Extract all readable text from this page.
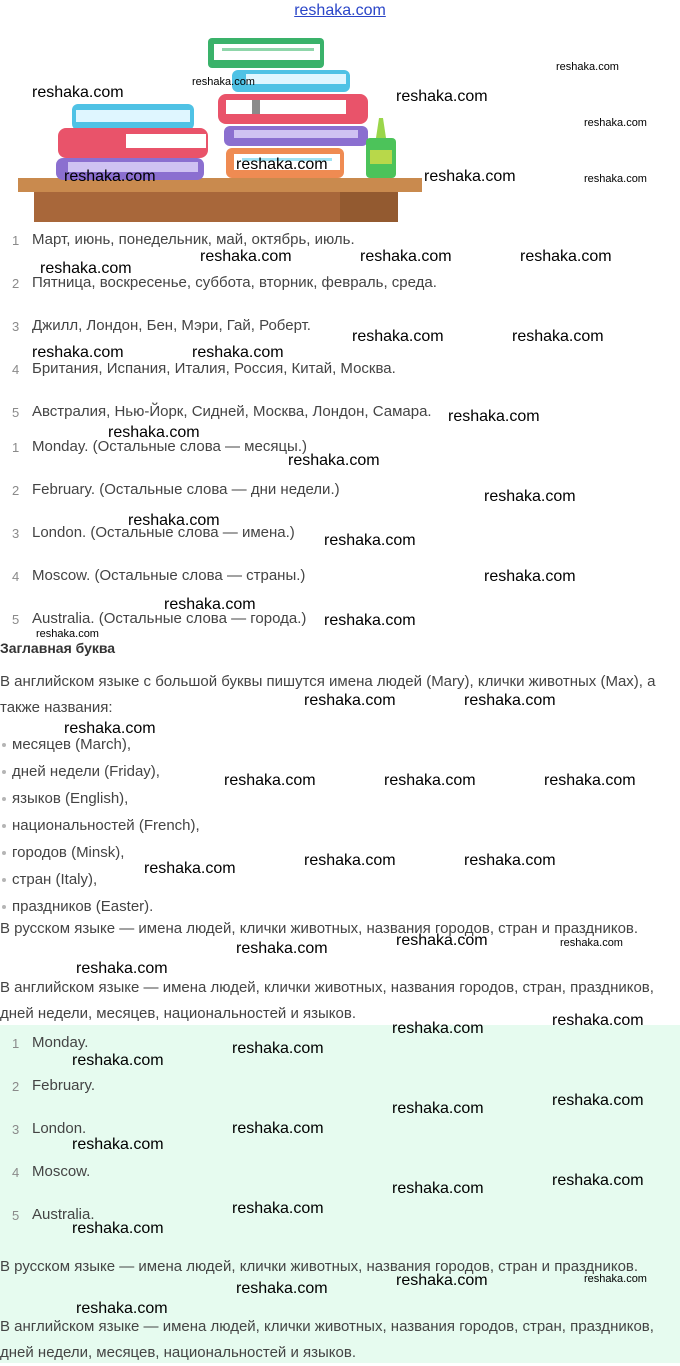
reshaka.com
1 Март, июнь, понедельник, май, октябрь, июль.
2 Пятница, воскресенье, суббота, вторник, февраль, среда.
3 Джилл, Лондон, Бен, Мэри, Гай, Роберт.
4 Британия, Испания, Италия, Россия, Китай, Москва.
5 Австралия, Нью-Йорк, Сидней, Москва, Лондон, Самара.
1 Monday. (Остальные слова — месяцы.)
2 February. (Остальные слова — дни недели.)
3 London. (Остальные слова — имена.)
4 Moscow. (Остальные слова — страны.)
5 Australia. (Остальные слова — города.)
Заглавная буква

В английском языке с большой буквы пишутся имена людей (Mary), клички животных (Max), а также названия:

месяцев (March),
дней недели (Friday),
языков (English),
национальностей (French),
городов (Minsk),
стран (Italy),
праздников (Easter).

В русском языке — имена людей, клички животных, названия городов, стран и праздников.

В английском языке — имена людей, клички животных, названия городов, стран, праздников, дней недели, месяцев, национальностей и языков.

1 Monday.
2 February.
3 London.
4 Moscow.
5 Australia.

В русском языке — имена людей, клички животных, названия городов, стран и праздников.

В английском языке — имена людей, клички животных, названия городов, стран, праздников, дней недели, месяцев, национальностей и языков.

reshaka.com
reshaka.com
reshaka.com
reshaka.com
reshaka.com	reshaka.com
reshaka.com
reshaka.com	reshaka.com
reshaka.com	reshaka.com	reshaka.com
reshaka.com
reshaka.com	reshaka.com
reshaka.com	reshaka.com
reshaka.com
reshaka.com
reshaka.com
reshaka.com
reshaka.com
reshaka.com
reshaka.com
reshaka.com
reshaka.com
reshaka.com
reshaka.com	reshaka.com
reshaka.com
reshaka.com	reshaka.com	reshaka.com
reshaka.com	reshaka.com
reshaka.com
reshaka.com	reshaka.com
reshaka.com
reshaka.com
reshaka.com
reshaka.com
reshaka.com
reshaka.com
reshaka.com
reshaka.com
reshaka.com
reshaka.com
reshaka.com
reshaka.com
reshaka.com
reshaka.com
reshaka.com	reshaka.com
reshaka.com
reshaka.com
